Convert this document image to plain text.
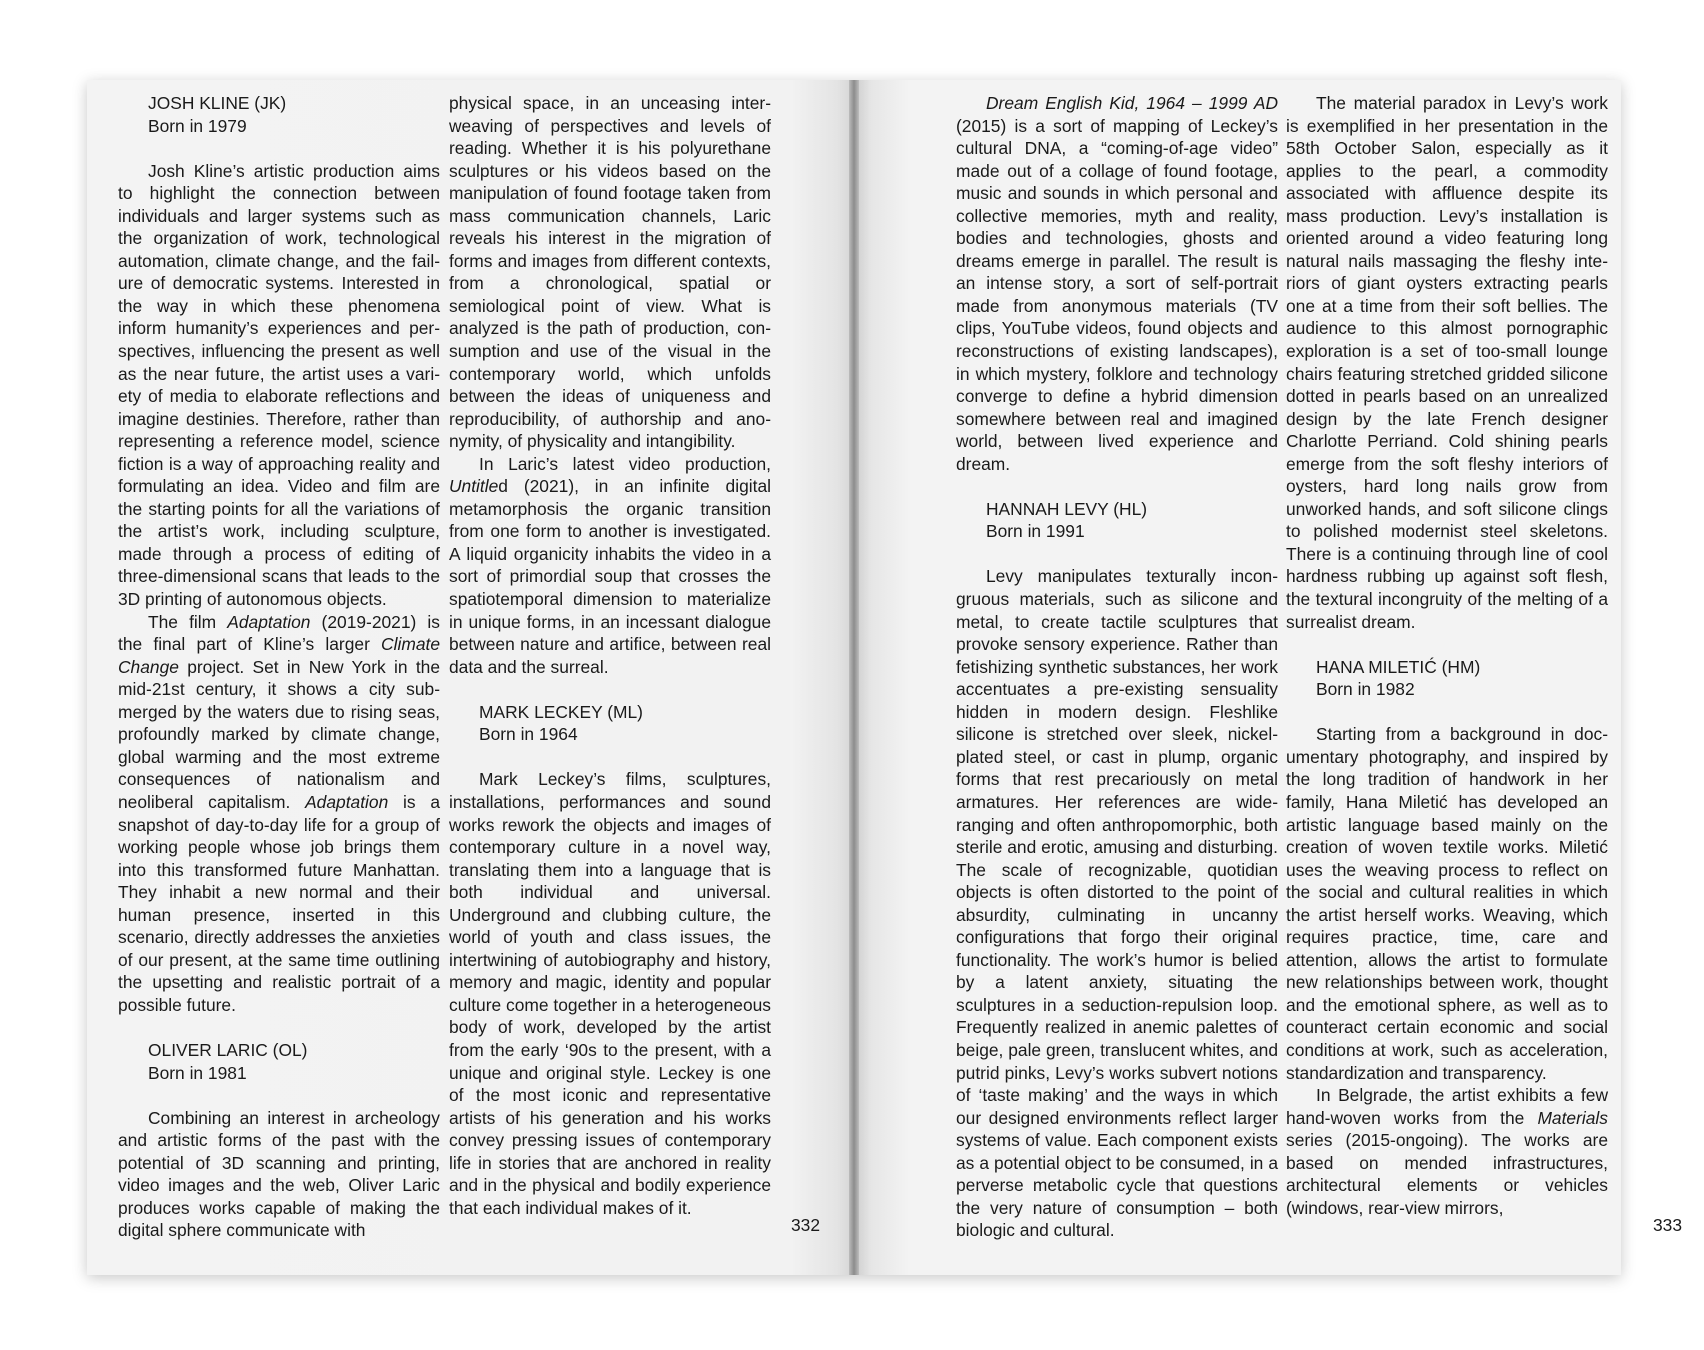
JOSH KLINE (JK)

Born in 1979

Josh Kline’s artistic production aims to highlight the connection between individuals and larger systems such as the organization of work, technological automation, climate change, and the failure of democratic systems. Interested in the way in which these phenomena inform humanity’s experiences and perspectives, influencing the present as well as the near future, the artist uses a variety of media to elaborate reflections and imagine destinies. Therefore, rather than representing a reference model, science fiction is a way of approaching reality and formulating an idea. Video and film are the starting points for all the variations of the artist’s work, including sculpture, made through a process of editing of three-dimensional scans that leads to the 3D printing of autonomous objects.

The film Adaptation (2019-2021) is the final part of Kline’s larger Climate Change project. Set in New York in the mid-21st century, it shows a city submerged by the waters due to rising seas, profoundly marked by climate change, global warming and the most extreme consequences of nationalism and neoliberal capitalism. Adaptation is a snapshot of day-to-day life for a group of working people whose job brings them into this transformed future Manhattan. They inhabit a new normal and their human presence, inserted in this scenario, directly addresses the anxieties of our present, at the same time outlining the upsetting and realistic portrait of a possible future.

OLIVER LARIC (OL)

Born in 1981

Combining an interest in archeology and artistic forms of the past with the potential of 3D scanning and printing, video images and the web, Oliver Laric produces works capable of making the digital sphere communicate with

physical space, in an unceasing interweaving of perspectives and levels of reading. Whether it is his polyurethane sculptures or his videos based on the manipulation of found footage taken from mass communication channels, Laric reveals his interest in the migration of forms and images from different contexts, from a chronological, spatial or semiological point of view. What is analyzed is the path of production, consumption and use of the visual in the contemporary world, which unfolds between the ideas of uniqueness and reproducibility, of authorship and anonymity, of physicality and intangibility.

In Laric’s latest video production, Untitled (2021), in an infinite digital metamorphosis the organic transition from one form to another is investigated. A liquid organicity inhabits the video in a sort of primordial soup that crosses the spatiotemporal dimension to materialize in unique forms, in an incessant dialogue between nature and artifice, between real data and the surreal.

MARK LECKEY (ML)

Born in 1964

Mark Leckey’s films, sculptures, installations, performances and sound works rework the objects and images of contemporary culture in a novel way, translating them into a language that is both individual and universal. Underground and clubbing culture, the world of youth and class issues, the intertwining of autobiography and history, memory and magic, identity and popular culture come together in a heterogeneous body of work, developed by the artist from the early ‘90s to the present, with a unique and original style. Leckey is one of the most iconic and representative artists of his generation and his works convey pressing issues of contemporary life in stories that are anchored in reality and in the physical and bodily experience that each individual makes of it.

332

Dream English Kid, 1964 – 1999 AD (2015) is a sort of mapping of Leckey’s cultural DNA, a “coming-of-age video” made out of a collage of found footage, music and sounds in which personal and collective memories, myth and reality, bodies and technologies, ghosts and dreams emerge in parallel. The result is an intense story, a sort of self-portrait made from anonymous materials (TV clips, YouTube videos, found objects and reconstructions of existing landscapes), in which mystery, folklore and technology converge to define a hybrid dimension somewhere between real and imagined world, between lived experience and dream.

HANNAH LEVY (HL)

Born in 1991

Levy manipulates texturally incongruous materials, such as silicone and metal, to create tactile sculptures that provoke sensory experience. Rather than fetishizing synthetic substances, her work accentuates a pre-existing sensuality hidden in modern design. Fleshlike silicone is stretched over sleek, nickel-plated steel, or cast in plump, organic forms that rest precariously on metal armatures. Her references are wide-ranging and often anthropomorphic, both sterile and erotic, amusing and disturbing. The scale of recognizable, quotidian objects is often distorted to the point of absurdity, culminating in uncanny configurations that forgo their original functionality. The work’s humor is belied by a latent anxiety, situating the sculptures in a seduction-repulsion loop. Frequently realized in anemic palettes of beige, pale green, translucent whites, and putrid pinks, Levy’s works subvert notions of ‘taste making’ and the ways in which our designed environments reflect larger systems of value. Each component exists as a potential object to be consumed, in a perverse metabolic cycle that questions the very nature of consumption – both biologic and cultural.

The material paradox in Levy’s work is exemplified in her presentation in the 58th October Salon, especially as it applies to the pearl, a commodity associated with affluence despite its mass production. Levy’s installation is oriented around a video featuring long natural nails massaging the fleshy interiors of giant oysters extracting pearls one at a time from their soft bellies. The audience to this almost pornographic exploration is a set of too-small lounge chairs featuring stretched gridded silicone dotted in pearls based on an unrealized design by the late French designer Charlotte Perriand. Cold shining pearls emerge from the soft fleshy interiors of oysters, hard long nails grow from unworked hands, and soft silicone clings to polished modernist steel skeletons. There is a continuing through line of cool hardness rubbing up against soft flesh, the textural incongruity of the melting of a surrealist dream.

HANA MILETIĆ (HM)

Born in 1982

Starting from a background in documentary photography, and inspired by the long tradition of handwork in her family, Hana Miletić has developed an artistic language based mainly on the creation of woven textile works. Miletić uses the weaving process to reflect on the social and cultural realities in which the artist herself works. Weaving, which requires practice, time, care and attention, allows the artist to formulate new relationships between work, thought and the emotional sphere, as well as to counteract certain economic and social conditions at work, such as acceleration, standardization and transparency.

In Belgrade, the artist exhibits a few hand-woven works from the Materials series (2015-ongoing). The works are based on mended infrastructures, architectural elements or vehicles (windows, rear-view mirrors,

333
